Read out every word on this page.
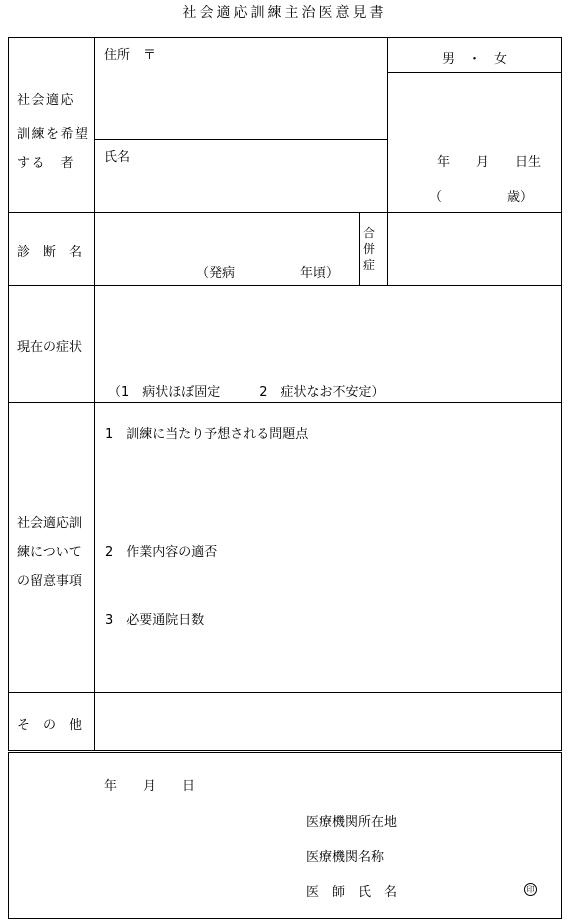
社会適応訓練主治医意見書
社会適応
訓練を希望
する　者
住所　〒
氏名
男　・　女
年　　月　　日生
（　　　　　歳）
診　断　名
（発病　　　　　年頃）
合
併
症
現在の症状
（1　病状ほぼ固定　　　2　症状なお不安定）
社会適応訓
練について
の留意事項
1　訓練に当たり予想される問題点
2　作業内容の適否
3　必要通院日数
そ　の　他
年　　月　　日
医療機関所在地
医療機関名称
医　師　氏　名	印
